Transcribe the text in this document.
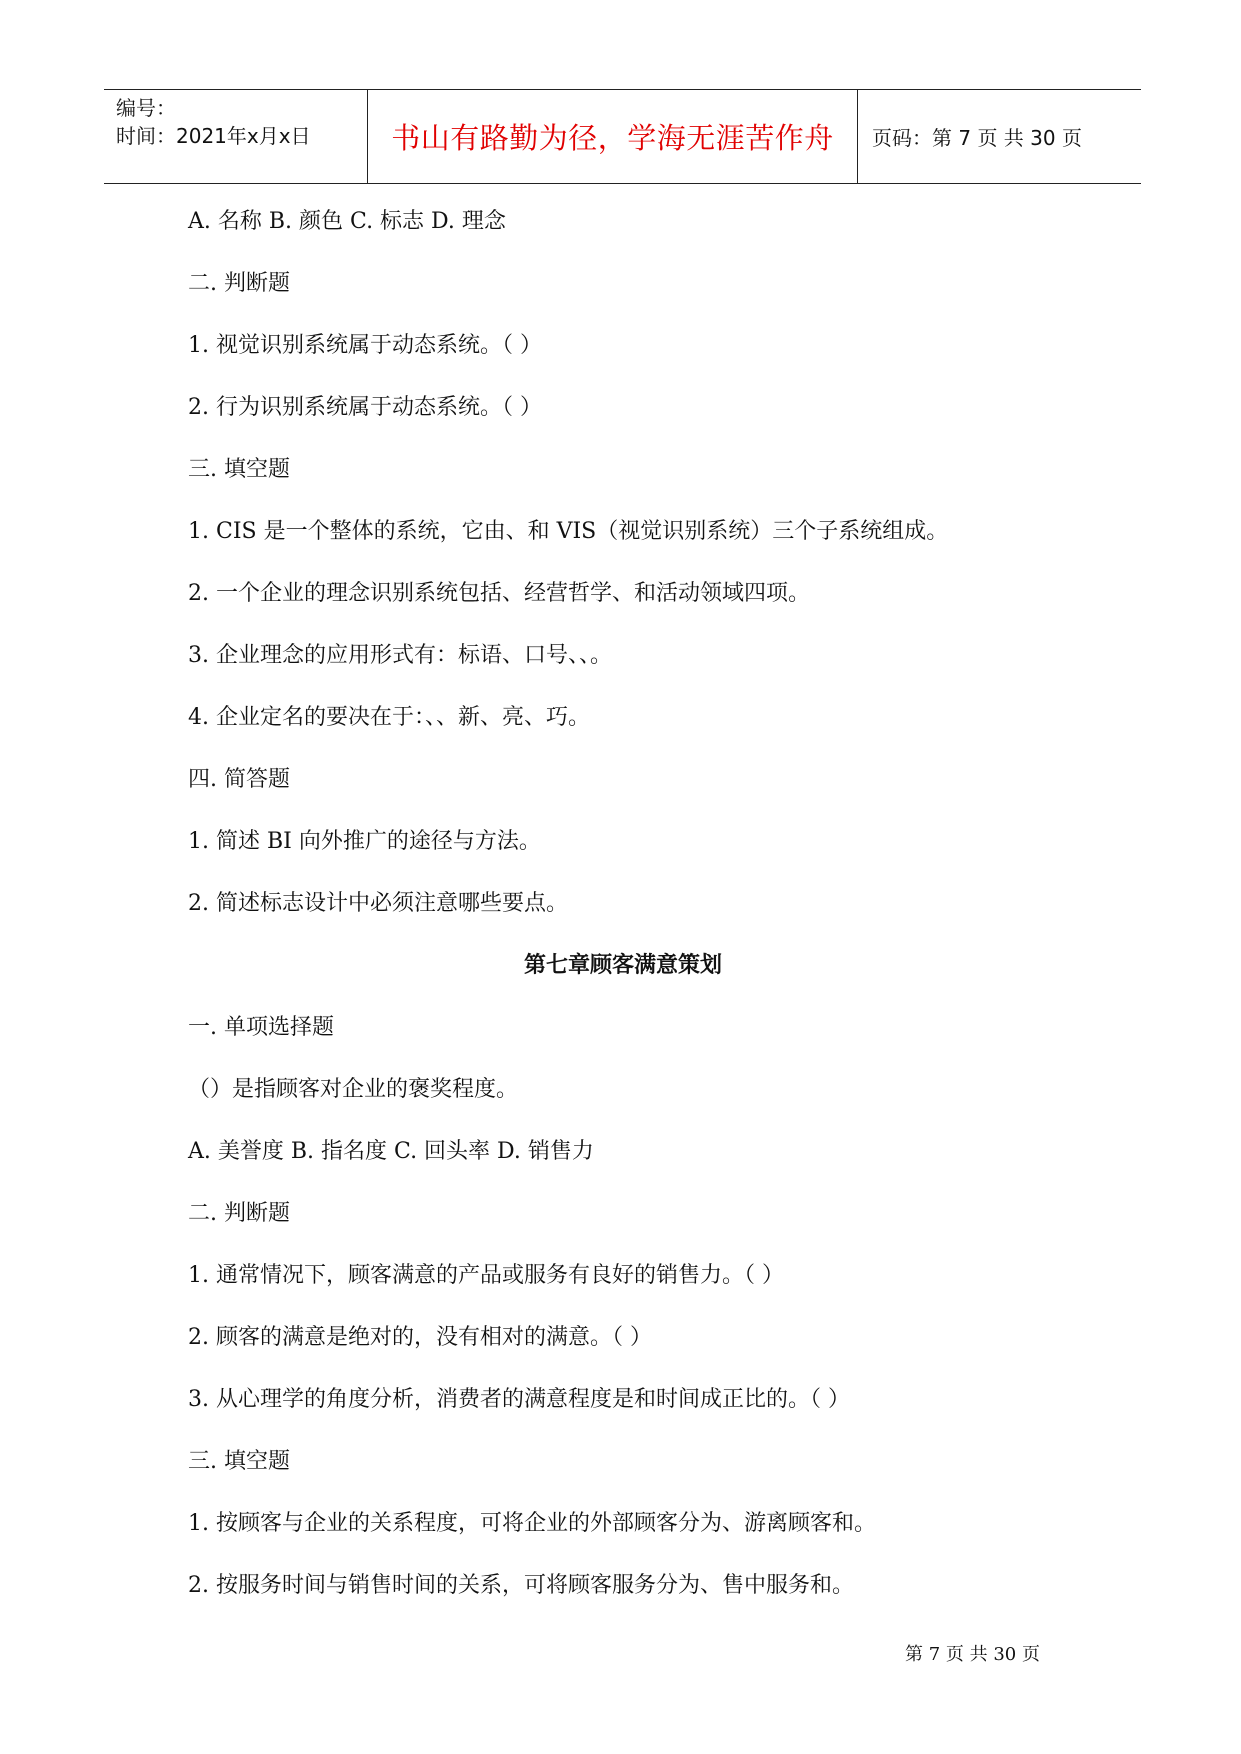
编号：
时间：2021年x月x日	书山有路勤为径，学海无涯苦作舟	页码：第 7 页 共 30 页
A. 名称 B. 颜色 C. 标志 D. 理念
二. 判断题
1. 视觉识别系统属于动态系统。（ ）
2. 行为识别系统属于动态系统。（ ）
三. 填空题
1. CIS 是一个整体的系统，它由、和 VIS（视觉识别系统）三个子系统组成。
2. 一个企业的理念识别系统包括、经营哲学、和活动领域四项。
3. 企业理念的应用形式有：标语、口号、、。
4. 企业定名的要决在于：、、新、亮、巧。
四. 简答题
1. 简述 BI 向外推广的途径与方法。
2. 简述标志设计中必须注意哪些要点。
第七章顾客满意策划
一. 单项选择题
（）是指顾客对企业的褒奖程度。
A. 美誉度 B. 指名度 C. 回头率 D. 销售力
二. 判断题
1. 通常情况下，顾客满意的产品或服务有良好的销售力。（ ）
2. 顾客的满意是绝对的，没有相对的满意。（ ）
3. 从心理学的角度分析，消费者的满意程度是和时间成正比的。（ ）
三. 填空题
1. 按顾客与企业的关系程度，可将企业的外部顾客分为、游离顾客和。
2. 按服务时间与销售时间的关系，可将顾客服务分为、售中服务和。
第 7 页 共 30 页
